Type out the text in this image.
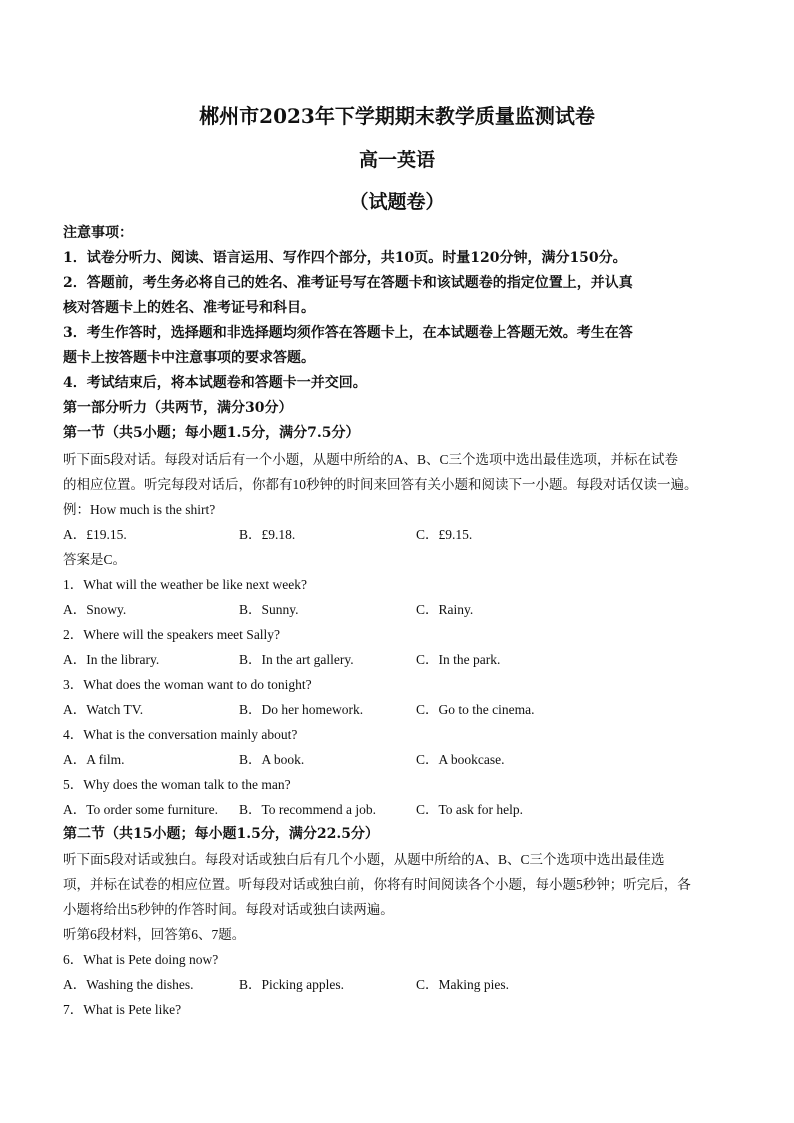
郴州市2023年下学期期末教学质量监测试卷
高一英语
（试题卷）
注意事项：
1．试卷分听力、阅读、语言运用、写作四个部分，共10页。时量120分钟，满分150分。
2．答题前，考生务必将自己的姓名、准考证号写在答题卡和该试题卷的指定位置上，并认真
核对答题卡上的姓名、准考证号和科目。
3．考生作答时，选择题和非选择题均须作答在答题卡上，在本试题卷上答题无效。考生在答
题卡上按答题卡中注意事项的要求答题。
4．考试结束后，将本试题卷和答题卡一并交回。
第一部分听力（共两节，满分30分）
第一节（共5小题；每小题1.5分，满分7.5分）
听下面5段对话。每段对话后有一个小题，从题中所给的A、B、C三个选项中选出最佳选项，并标在试卷
的相应位置。听完每段对话后，你都有10秒钟的时间来回答有关小题和阅读下一小题。每段对话仅读一遍。
例：How much is the shirt?
A．£19.15.	B．£9.18.	C．£9.15.
答案是C。
1．What will the weather be like next week?
A．Snowy.	B．Sunny.	C．Rainy.
2．Where will the speakers meet Sally?
A．In the library.	B．In the art gallery.	C．In the park.
3．What does the woman want to do tonight?
A．Watch TV.	B．Do her homework.	C．Go to the cinema.
4．What is the conversation mainly about?
A．A film.	B．A book.	C．A bookcase.
5．Why does the woman talk to the man?
A．To order some furniture. B．To recommend a job.	C．To ask for help.
第二节（共15小题；每小题1.5分，满分22.5分）
听下面5段对话或独白。每段对话或独白后有几个小题，从题中所给的A、B、C三个选项中选出最佳选
项，并标在试卷的相应位置。听每段对话或独白前，你将有时间阅读各个小题，每小题5秒钟；听完后，各
小题将给出5秒钟的作答时间。每段对话或独白读两遍。
听第6段材料，回答第6、7题。
6．What is Pete doing now?
A．Washing the dishes.	B．Picking apples.	C．Making pies.
7．What is Pete like?
